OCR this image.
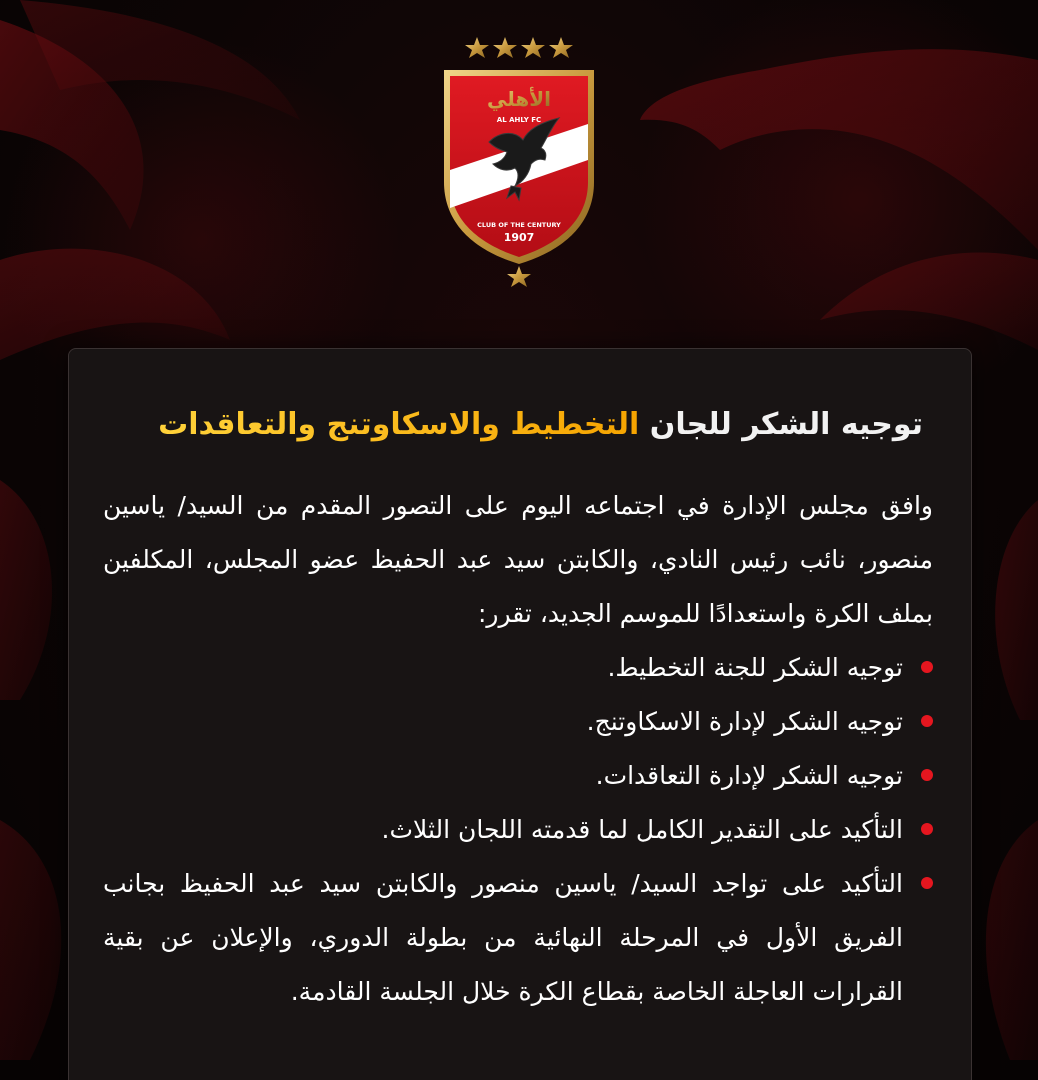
الأهلي
AL AHLY FC
CLUB OF THE CENTURY
1907
توجيه الشكر للجان التخطيط والاسكاوتنج والتعاقدات

وافق مجلس الإدارة في اجتماعه اليوم على التصور المقدم من السيد/ ياسين منصور، نائب رئيس النادي، والكابتن سيد عبد الحفيظ عضو المجلس، المكلفين بملف الكرة واستعدادًا للموسم الجديد، تقرر:

توجيه الشكر للجنة التخطيط.
توجيه الشكر لإدارة الاسكاوتنج.
توجيه الشكر لإدارة التعاقدات.
التأكيد على التقدير الكامل لما قدمته اللجان الثلاث.
التأكيد على تواجد السيد/ ياسين منصور والكابتن سيد عبد الحفيظ بجانب الفريق الأول في المرحلة النهائية من بطولة الدوري، والإعلان عن بقية القرارات العاجلة الخاصة بقطاع الكرة خلال الجلسة القادمة.
